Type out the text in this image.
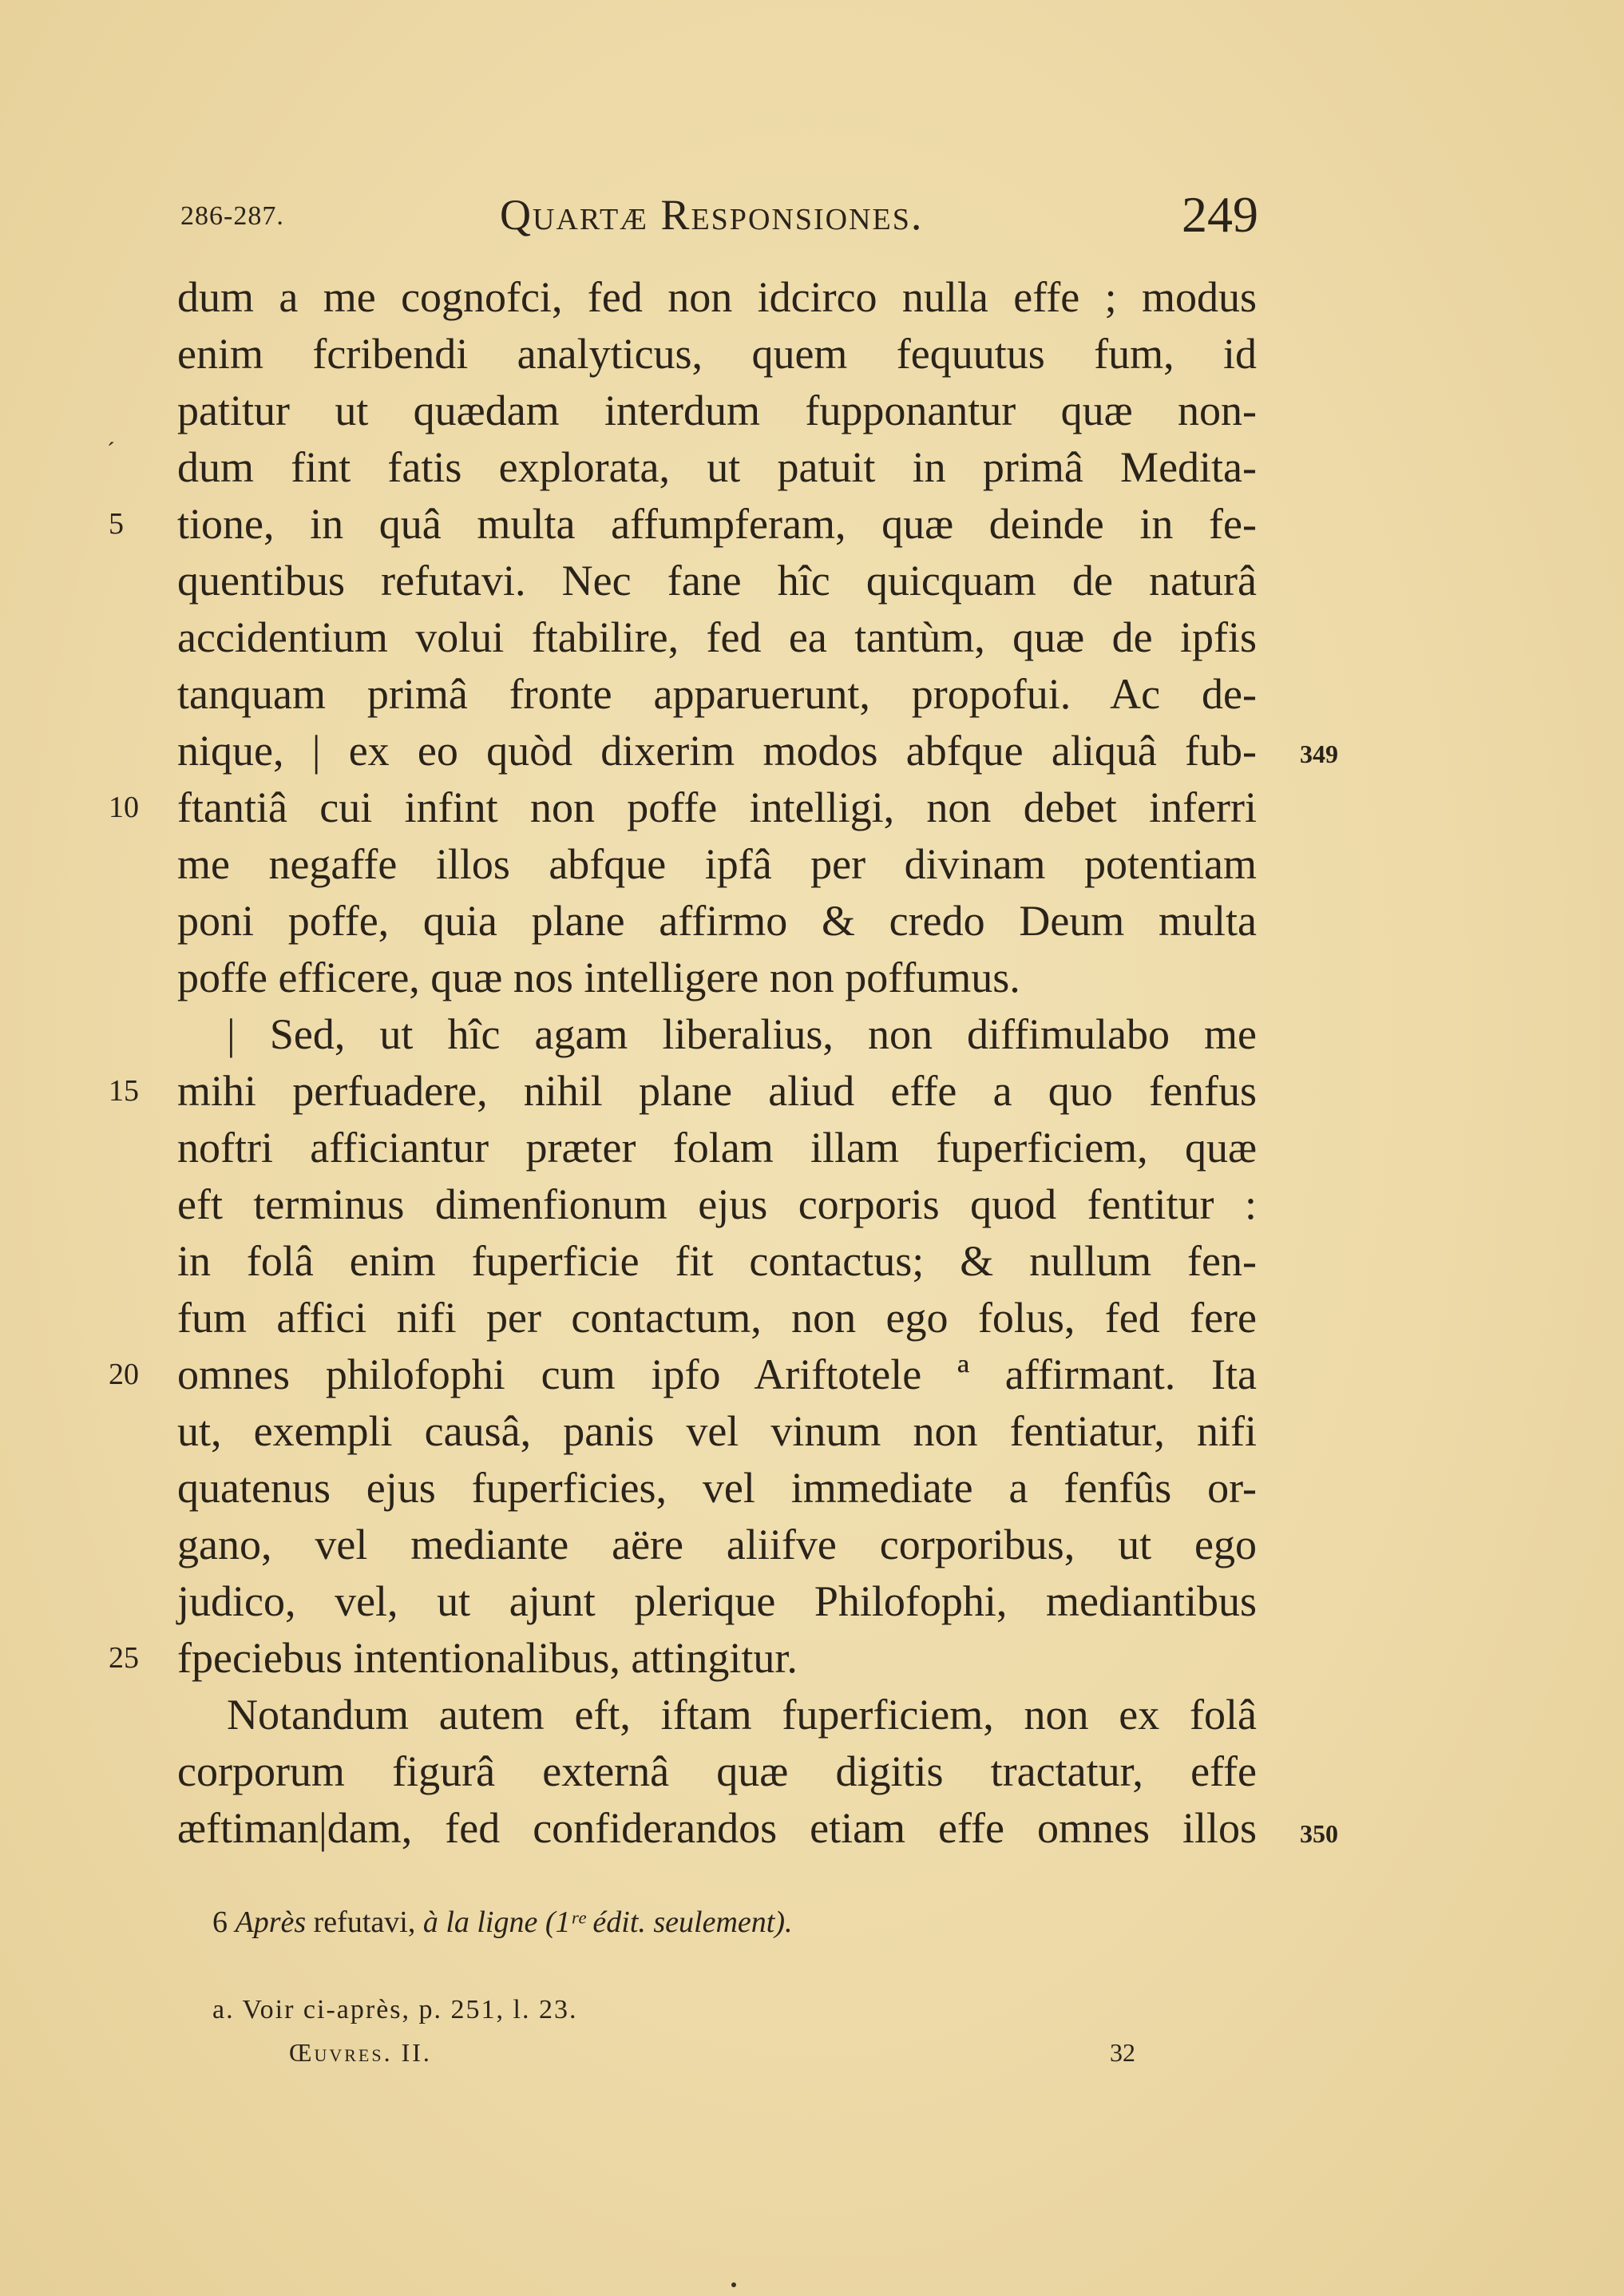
286-287.	Quartæ Responsiones.	249
´
dum a me cognofci, fed non idcirco nulla effe ; modus
enim fcribendi analyticus, quem fequutus fum, id
patitur ut quædam interdum fupponantur quæ non-
dum fint fatis explorata, ut patuit in primâ Medita-
tione, in quâ multa affumpferam, quæ deinde in fe-
quentibus refutavi. Nec fane hîc quicquam de naturâ
accidentium volui ftabilire, fed ea tantùm, quæ de ipfis
tanquam primâ fronte apparuerunt, propofui. Ac de-
nique, | ex eo quòd dixerim modos abfque aliquâ fub-
ftantiâ cui infint non poffe intelligi, non debet inferri
me negaffe illos abfque ipfâ per divinam potentiam
poni poffe, quia plane affirmo & credo Deum multa
poffe efficere, quæ nos intelligere non poffumus.
| Sed, ut hîc agam liberalius, non diffimulabo me
mihi perfuadere, nihil plane aliud effe a quo fenfus
noftri afficiantur præter folam illam fuperficiem, quæ
eft terminus dimenfionum ejus corporis quod fentitur :
in folâ enim fuperficie fit contactus; & nullum fen-
fum affici nifi per contactum, non ego folus, fed fere
omnes philofophi cum ipfo Ariftotele ª affirmant. Ita
ut, exempli causâ, panis vel vinum non fentiatur, nifi
quatenus ejus fuperficies, vel immediate a fenfûs or-
gano, vel mediante aëre aliifve corporibus, ut ego
judico, vel, ut ajunt plerique Philofophi, mediantibus
fpeciebus intentionalibus, attingitur.
Notandum autem eft, iftam fuperficiem, non ex folâ
corporum figurâ externâ quæ digitis tractatur, effe
æftiman|dam, fed confiderandos etiam effe omnes illos
5
10
15
20
25
349
350
6 Après refutavi, à la ligne (1ʳᵉ édit. seulement).
a. Voir ci-après, p. 251, l. 23.
Œuvres. II.	32
